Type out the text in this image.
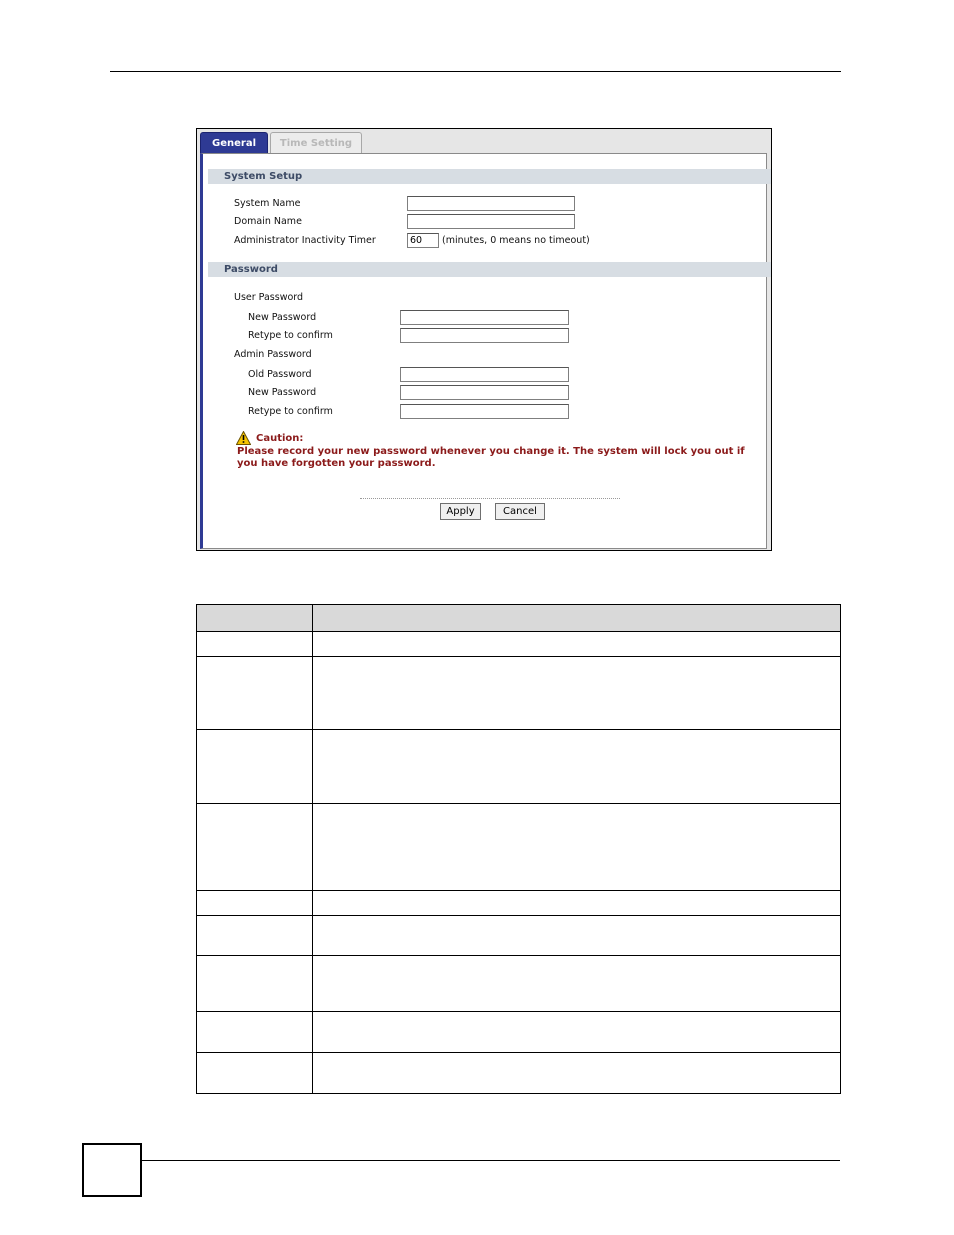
General	Time Setting
System Setup
System Name
Domain Name
Administrator Inactivity Timer	60	(minutes, 0 means no timeout)
Password
User Password
New Password
Retype to confirm
Admin Password
Old Password
New Password
Retype to confirm
Caution:
Please record your new password whenever you change it. The system will lock you out if you have forgotten your password.
Apply	Cancel
